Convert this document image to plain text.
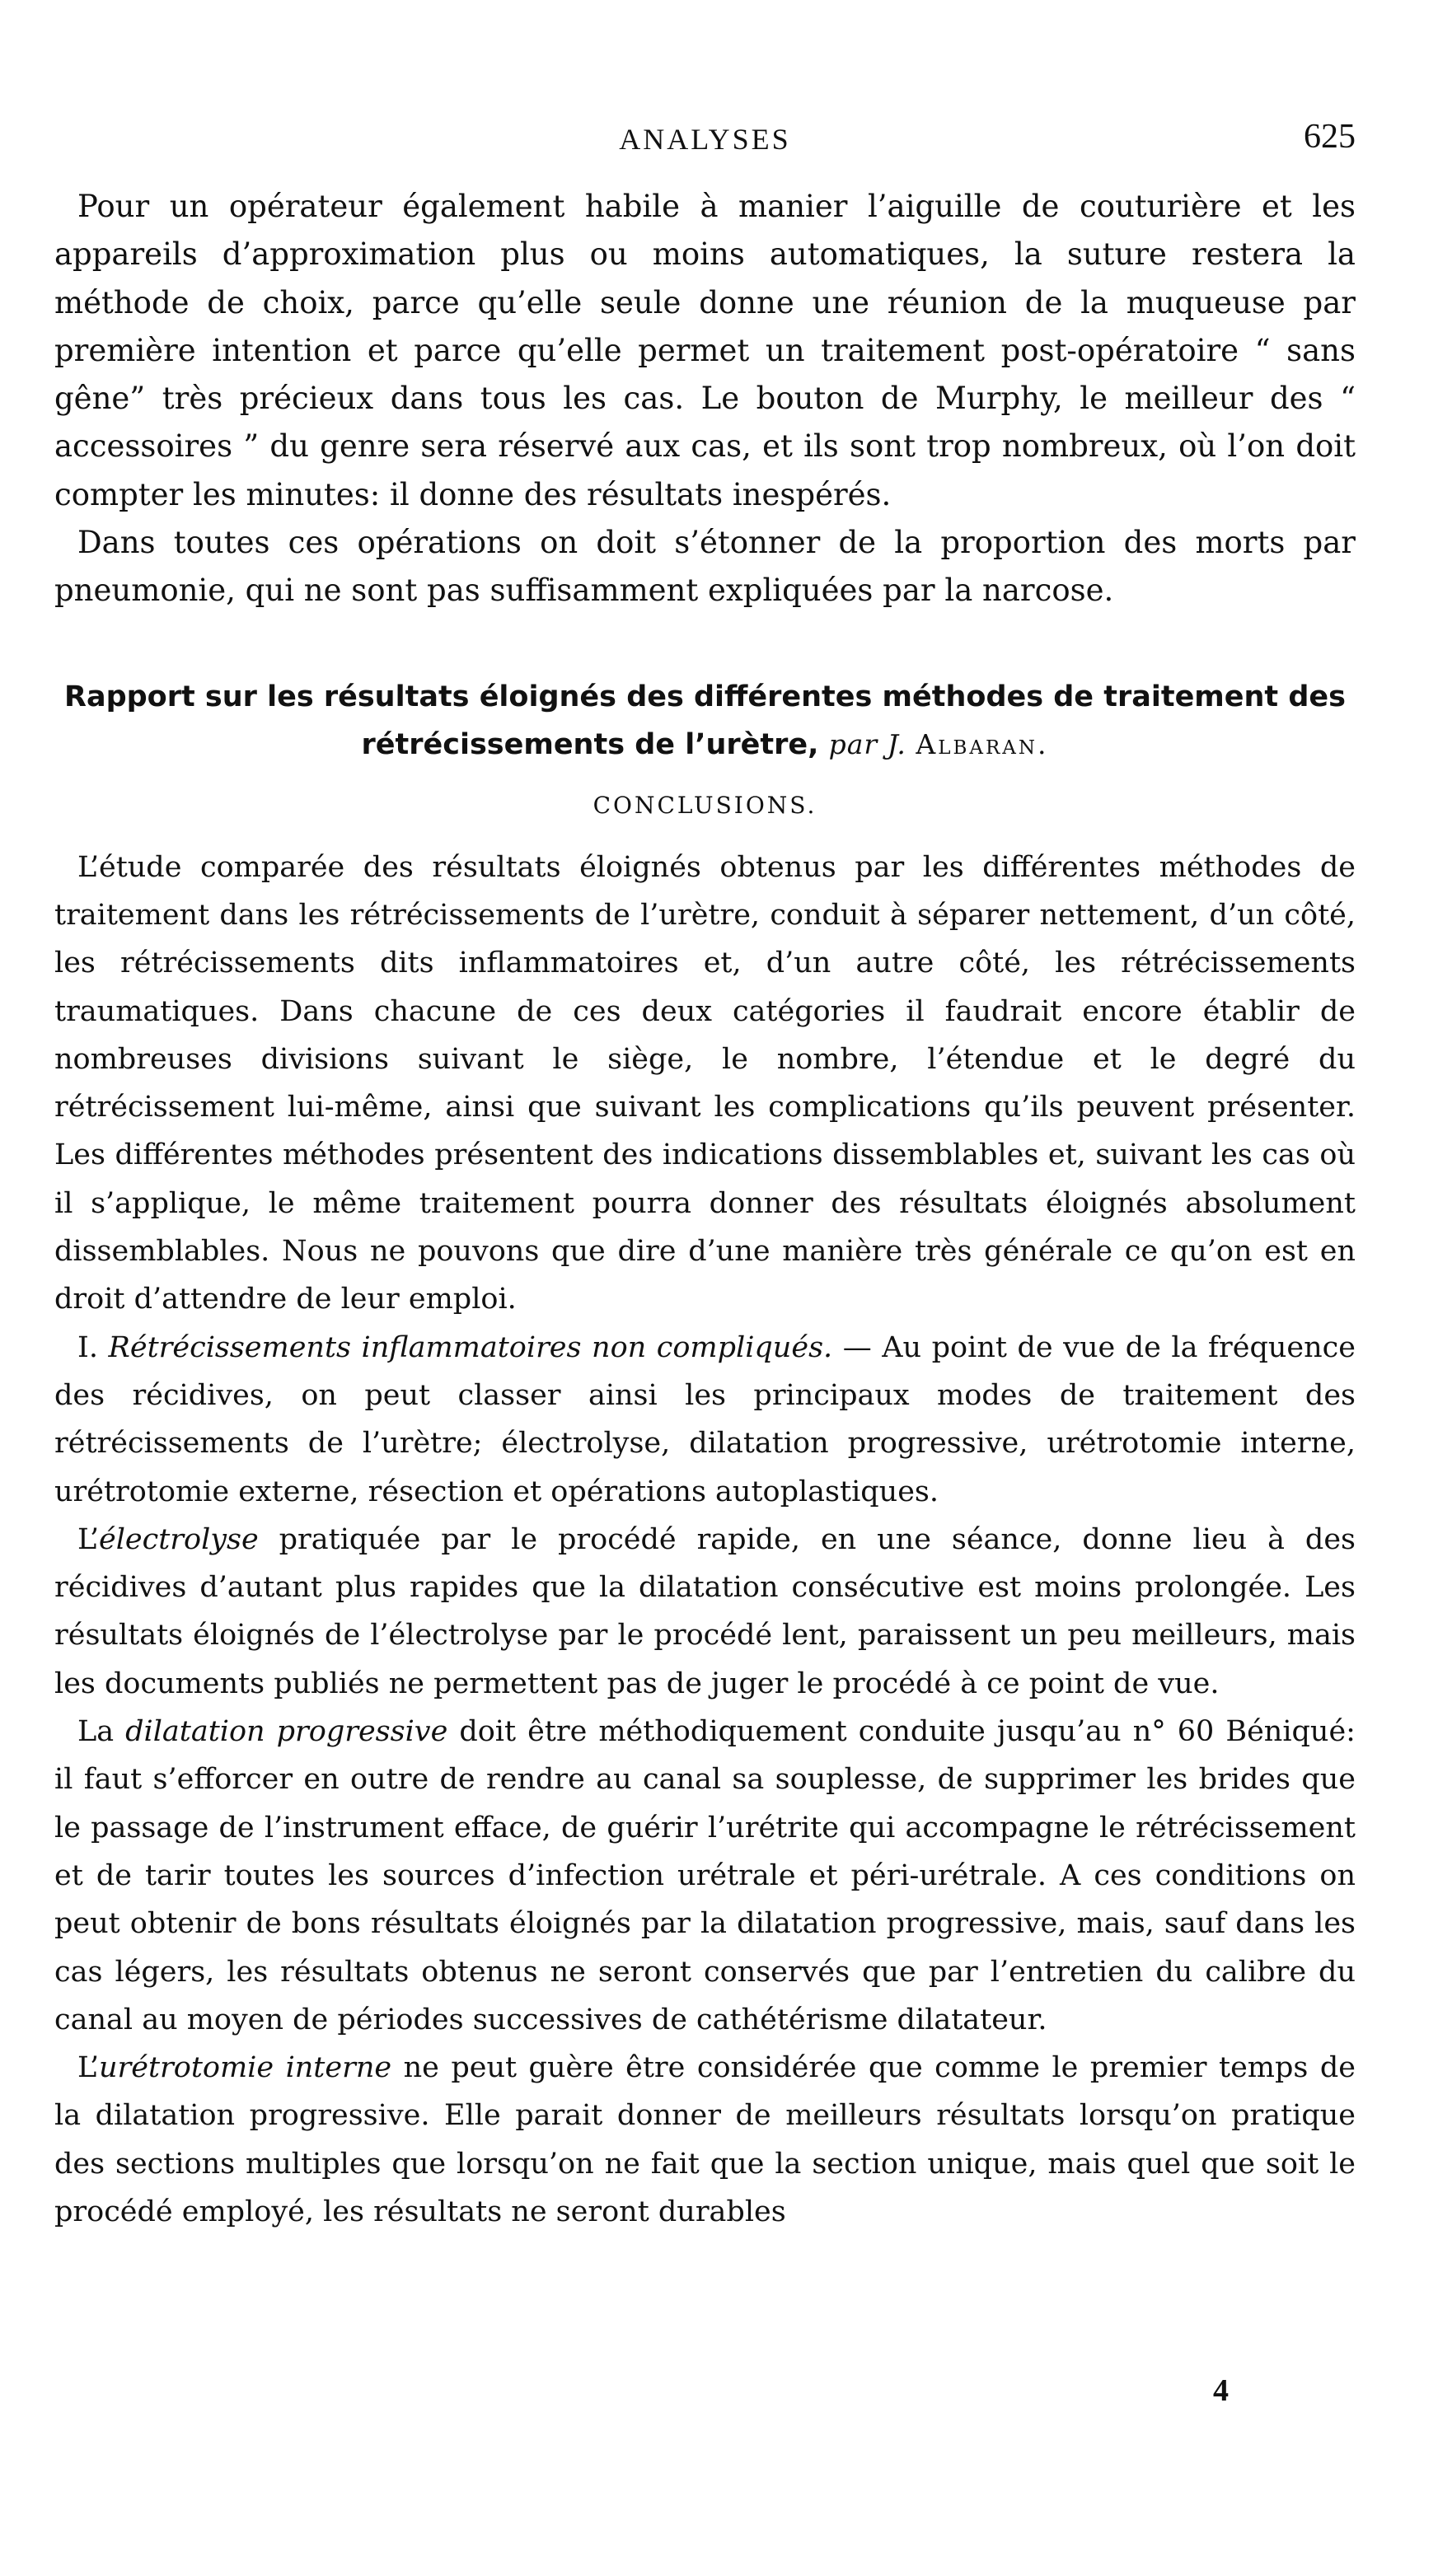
ANALYSES	625

Pour un opérateur également habile à manier l’aiguille de couturière et les appareils d’approximation plus ou moins automatiques, la suture restera la méthode de choix, parce qu’elle seule donne une réunion de la muqueuse par première intention et parce qu’elle permet un traitement post-opératoire “ sans gêne” très précieux dans tous les cas. Le bouton de Murphy, le meilleur des “ accessoires ” du genre sera réservé aux cas, et ils sont trop nombreux, où l’on doit compter les minutes: il donne des résultats inespérés.

Dans toutes ces opérations on doit s’étonner de la proportion des morts par pneumonie, qui ne sont pas suffisamment expliquées par la narcose.

Rapport sur les résultats éloignés des différentes méthodes de traitement des rétrécissements de l’urètre, par J. Albaran.
CONCLUSIONS.

L’étude comparée des résultats éloignés obtenus par les différentes méthodes de traitement dans les rétrécissements de l’urètre, conduit à séparer nettement, d’un côté, les rétrécissements dits inflammatoires et, d’un autre côté, les rétrécissements traumatiques. Dans chacune de ces deux catégories il faudrait encore établir de nombreuses divisions suivant le siège, le nombre, l’étendue et le degré du rétrécissement lui-même, ainsi que suivant les complications qu’ils peuvent présenter. Les différentes méthodes présentent des indications dissemblables et, suivant les cas où il s’applique, le même traitement pourra donner des résultats éloignés absolument dissemblables. Nous ne pouvons que dire d’une manière très générale ce qu’on est en droit d’attendre de leur emploi.

I. Rétrécissements inflammatoires non compliqués. — Au point de vue de la fréquence des récidives, on peut classer ainsi les principaux modes de traitement des rétrécissements de l’urètre; électrolyse, dilatation progressive, urétrotomie interne, urétrotomie externe, résection et opérations autoplastiques.

L’électrolyse pratiquée par le procédé rapide, en une séance, donne lieu à des récidives d’autant plus rapides que la dilatation consécutive est moins prolongée. Les résultats éloignés de l’électrolyse par le procédé lent, paraissent un peu meilleurs, mais les documents publiés ne permettent pas de juger le procédé à ce point de vue.

La dilatation progressive doit être méthodiquement conduite jusqu’au n° 60 Béniqué: il faut s’efforcer en outre de rendre au canal sa souplesse, de supprimer les brides que le passage de l’instrument efface, de guérir l’urétrite qui accompagne le rétrécissement et de tarir toutes les sources d’infection urétrale et péri-urétrale. A ces conditions on peut obtenir de bons résultats éloignés par la dilatation progressive, mais, sauf dans les cas légers, les résultats obtenus ne seront conservés que par l’entretien du calibre du canal au moyen de périodes successives de cathétérisme dilatateur.

L’urétrotomie interne ne peut guère être considérée que comme le premier temps de la dilatation progressive. Elle parait donner de meilleurs résultats lorsqu’on pratique des sections multiples que lorsqu’on ne fait que la section unique, mais quel que soit le procédé employé, les résultats ne seront durables

4
